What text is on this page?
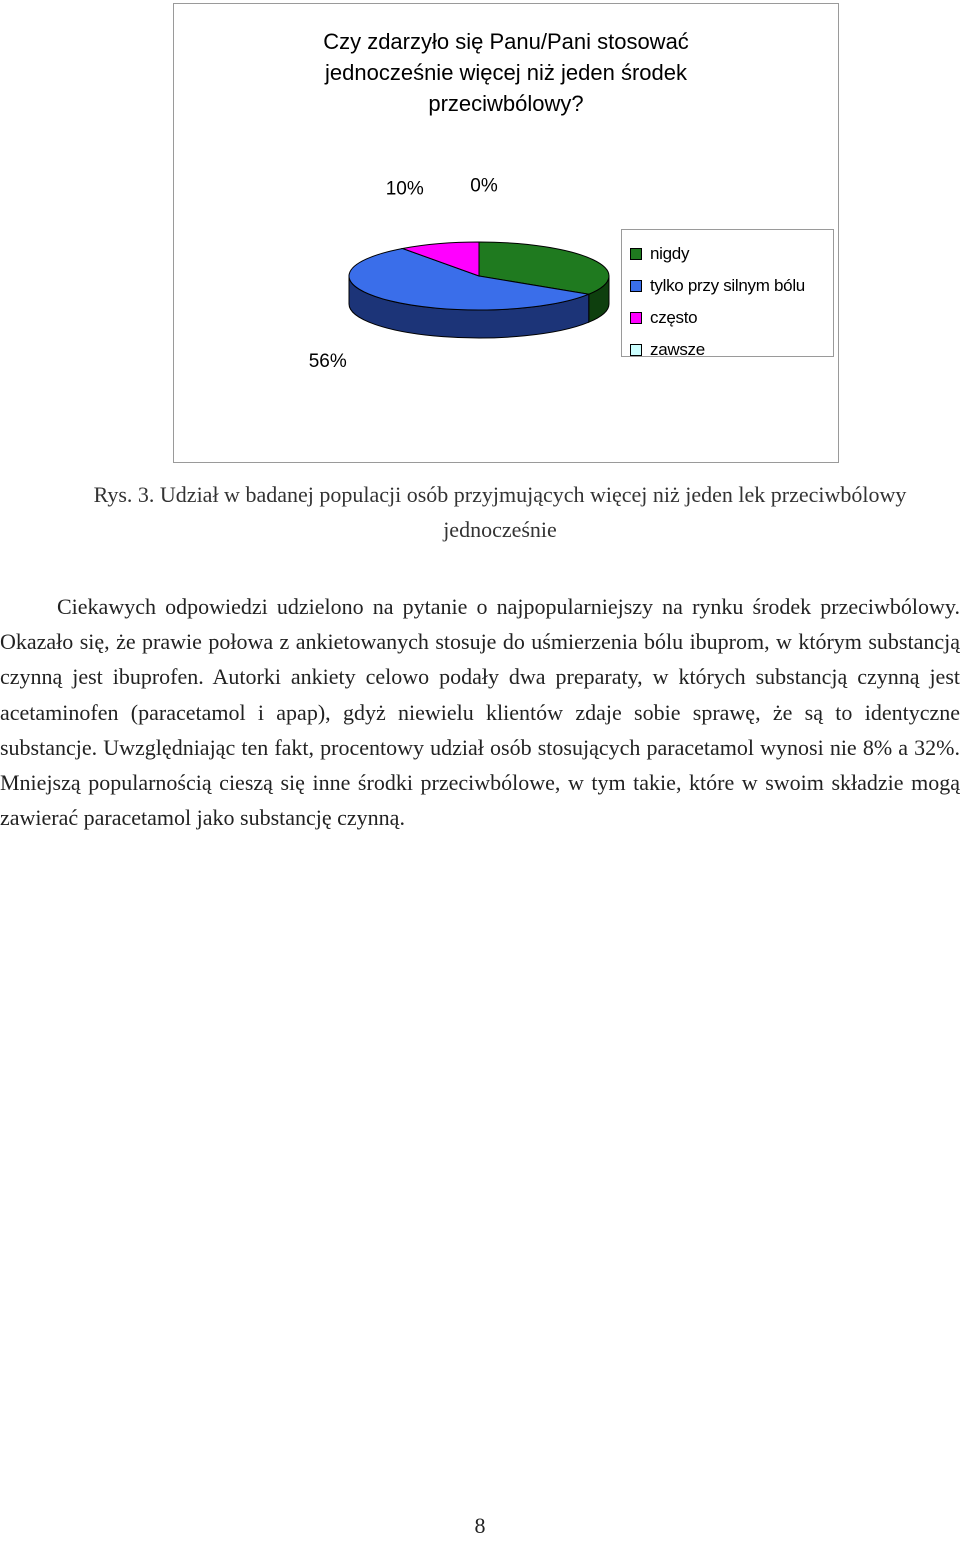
Czy zdarzyło się Panu/Pani stosować
jednocześnie więcej niż jeden środek
przeciwbólowy?
56%
10% 0%
nigdy
tylko przy silnym bólu
często
zawsze
Rys. 3. Udział w badanej populacji osób przyjmujących więcej niż jeden lek przeciwbólowy jednocześnie

Ciekawych odpowiedzi udzielono na pytanie o najpopularniejszy na rynku środek przeciwbólowy. Okazało się, że prawie połowa z ankietowanych stosuje do uśmierzenia bólu ibuprom, w którym substancją czynną jest ibuprofen. Autorki ankiety celowo podały dwa preparaty, w których substancją czynną jest acetaminofen (paracetamol i apap), gdyż niewielu klientów zdaje sobie sprawę, że są to identyczne substancje. Uwzględniając ten fakt, procentowy udział osób stosujących paracetamol wynosi nie 8% a 32%. Mniejszą popularnością cieszą się inne środki przeciwbólowe, w tym takie, które w swoim składzie mogą zawierać paracetamol jako substancję czynną.

8
